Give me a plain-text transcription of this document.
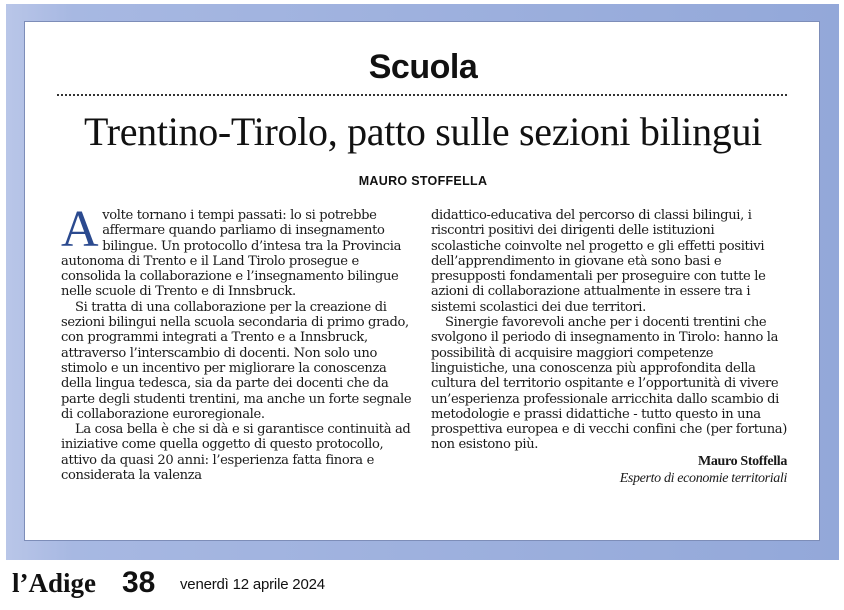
Scuola
Trentino-Tirolo, patto sulle sezioni bilingui
MAURO STOFFELLA

Avolte tornano i tempi passati: lo si potrebbe affermare quando parliamo di insegnamento bilingue. Un protocollo d’intesa tra la Provincia autonoma di Trento e il Land Tirolo prosegue e consolida la collaborazione e l’insegnamento bilingue nelle scuole di Trento e di Innsbruck.

Si tratta di una collaborazione per la creazione di sezioni bilingui nella scuola secondaria di primo grado, con programmi integrati a Trento e a Innsbruck, attraverso l’interscambio di docenti. Non solo uno stimolo e un incentivo per migliorare la conoscenza della lingua tedesca, sia da parte dei docenti che da parte degli studenti trentini, ma anche un forte segnale di collaborazione euroregionale.

La cosa bella è che si dà e si garantisce continuità ad iniziative come quella oggetto di questo protocollo, attivo da quasi 20 anni: l’esperienza fatta finora e considerata la valenza

didattico-educativa del percorso di classi bilingui, i riscontri positivi dei dirigenti delle istituzioni scolastiche coinvolte nel progetto e gli effetti positivi dell’apprendimento in giovane età sono basi e presupposti fondamentali per proseguire con tutte le azioni di collaborazione attualmente in essere tra i sistemi scolastici dei due territori.

Sinergie favorevoli anche per i docenti trentini che svolgono il periodo di insegnamento in Tirolo: hanno la possibilità di acquisire maggiori competenze linguistiche, una conoscenza più approfondita della cultura del territorio ospitante e l’opportunità di vivere un’esperienza professionale arricchita dallo scambio di metodologie e prassi didattiche - tutto questo in una prospettiva europea e di vecchi confini che (per fortuna) non esistono più.

Mauro Stoffella
Esperto di economie territoriali
l’Adige 38 venerdì 12 aprile 2024
